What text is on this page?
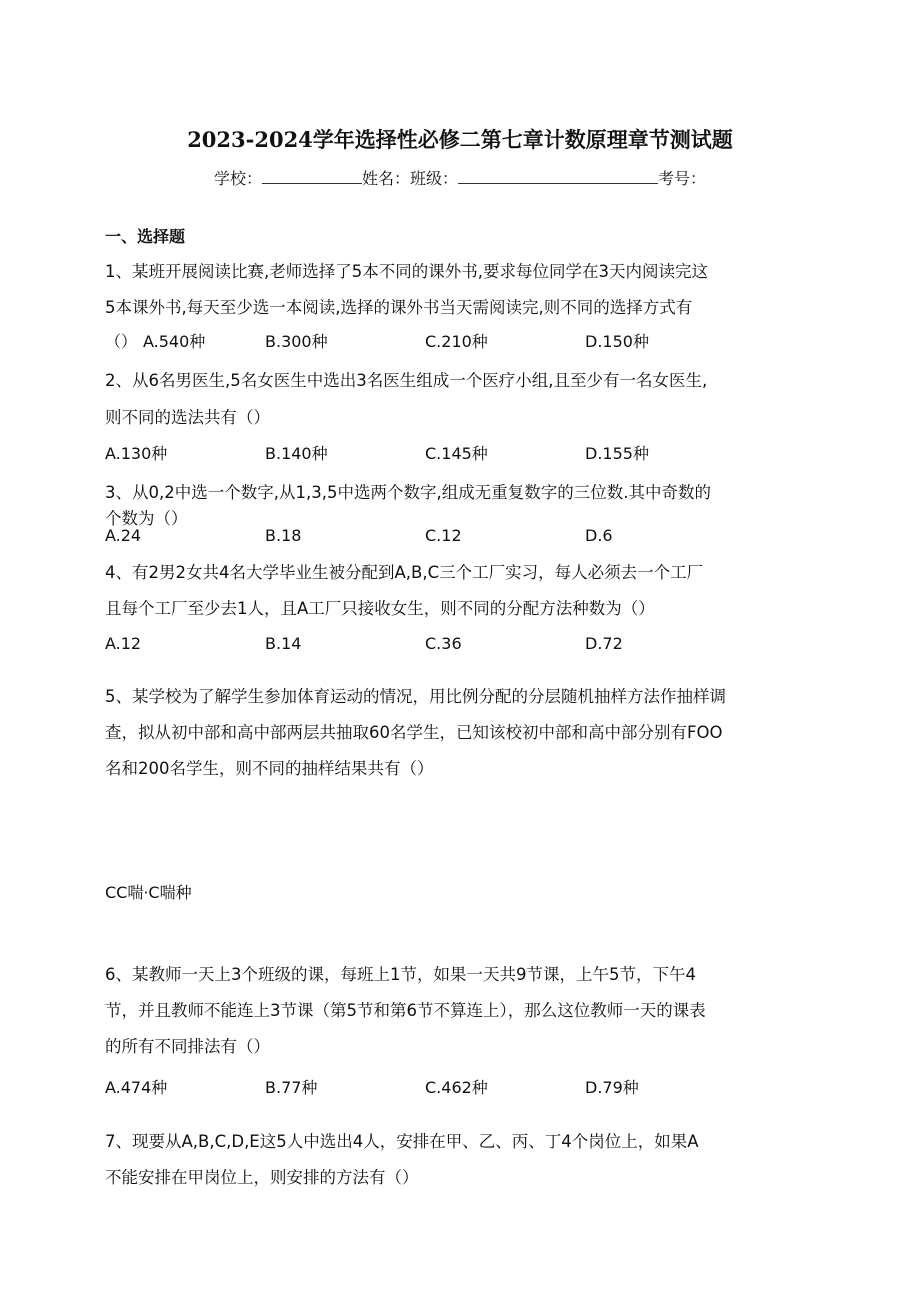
2023-2024学年选择性必修二第七章计数原理章节测试题
学校：	姓名：班级：	考号：
一、选择题
1、某班开展阅读比赛,老师选择了5本不同的课外书,要求每位同学在3天内阅读完这
5本课外书,每天至少选一本阅读,选择的课外书当天需阅读完,则不同的选择方式有
（） A.540种	B.300种	C.210种	D.150种
2、从6名男医生,5名女医生中选出3名医生组成一个医疗小组,且至少有一名女医生,
则不同的选法共有（）
A.130种	B.140种	C.145种	D.155种
3、从0,2中选一个数字,从1,3,5中选两个数字,组成无重复数字的三位数.其中奇数的
个数为（）
A.24	B.18	C.12	D.6
4、有2男2女共4名大学毕业生被分配到A,B,C三个工厂实习，每人必须去一个工厂
且每个工厂至少去1人，且A工厂只接收女生，则不同的分配方法种数为（）
A.12	B.14	C.36	D.72
5、某学校为了解学生参加体育运动的情况，用比例分配的分层随机抽样方法作抽样调
查，拟从初中部和高中部两层共抽取60名学生，已知该校初中部和高中部分别有FOO
名和200名学生，则不同的抽样结果共有（）
CC喘·C喘种
6、某教师一天上3个班级的课，每班上1节，如果一天共9节课，上午5节，下午4
节，并且教师不能连上3节课（第5节和第6节不算连上），那么这位教师一天的课表
的所有不同排法有（）
A.474种	B.77种	C.462种	D.79种
7、现要从A,B,C,D,E这5人中选出4人，安排在甲、乙、丙、丁4个岗位上，如果A
不能安排在甲岗位上，则安排的方法有（）
